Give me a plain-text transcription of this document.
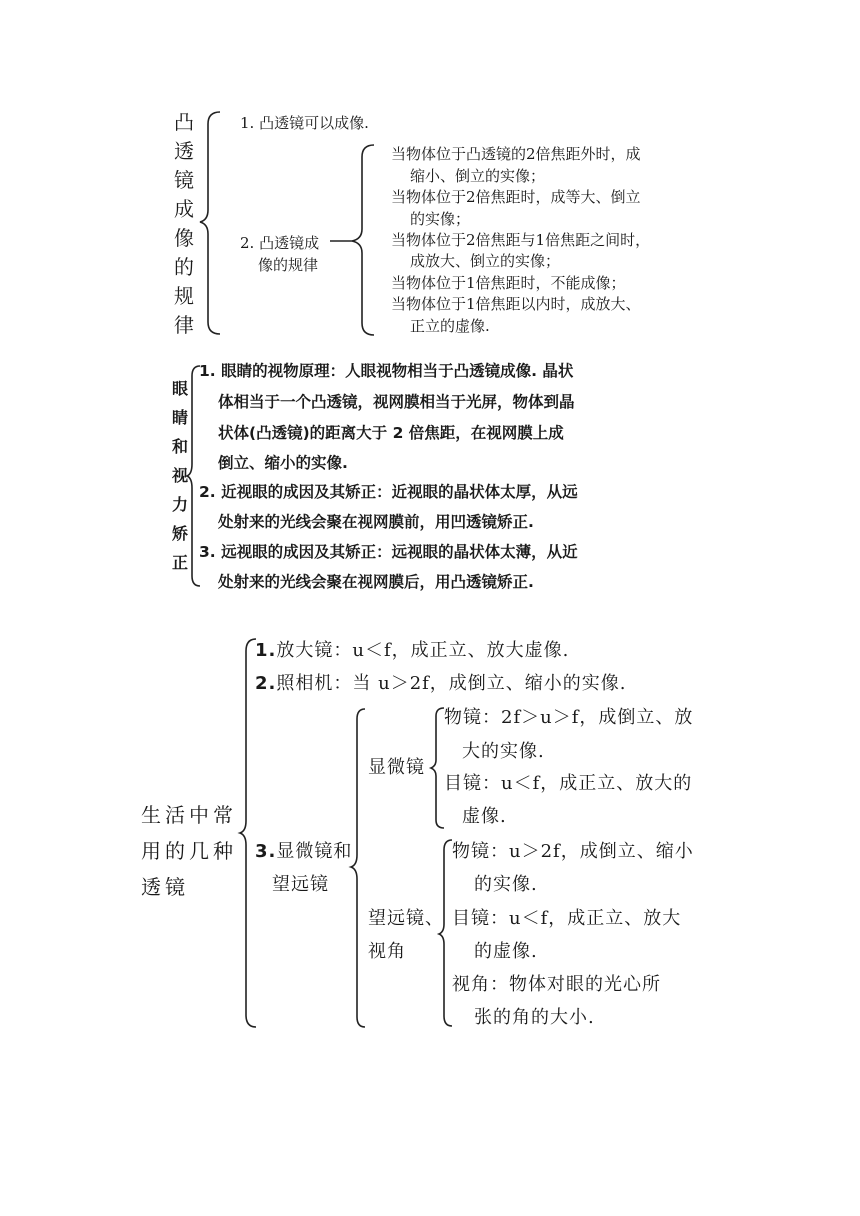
凸透镜成像的规律
1. 凸透镜可以成像.
2. 凸透镜成
像的规律
当物体位于凸透镜的2倍焦距外时，成
缩小、倒立的实像；
当物体位于2倍焦距时，成等大、倒立
的实像；
当物体位于2倍焦距与1倍焦距之间时，
成放大、倒立的实像；
当物体位于1倍焦距时，不能成像；
当物体位于1倍焦距以内时，成放大、
正立的虚像.
眼睛和视力矫正
1. 眼睛的视物原理：人眼视物相当于凸透镜成像. 晶状
体相当于一个凸透镜，视网膜相当于光屏，物体到晶
状体(凸透镜)的距离大于 2 倍焦距，在视网膜上成
倒立、缩小的实像.
2. 近视眼的成因及其矫正：近视眼的晶状体太厚，从远
处射来的光线会聚在视网膜前，用凹透镜矫正.
3. 远视眼的成因及其矫正：远视眼的晶状体太薄，从近
处射来的光线会聚在视网膜后，用凸透镜矫正.
生活中常
用的几种
透镜
1.放大镜：u＜f，成正立、放大虚像.
2.照相机：当 u＞2f，成倒立、缩小的实像.
3.显微镜和
望远镜
显微镜
物镜：2f＞u＞f，成倒立、放
大的实像.
目镜：u＜f，成正立、放大的
虚像.
望远镜、
视角
物镜：u＞2f，成倒立、缩小
的实像.
目镜：u＜f，成正立、放大
的虚像.
视角：物体对眼的光心所
张的角的大小.
